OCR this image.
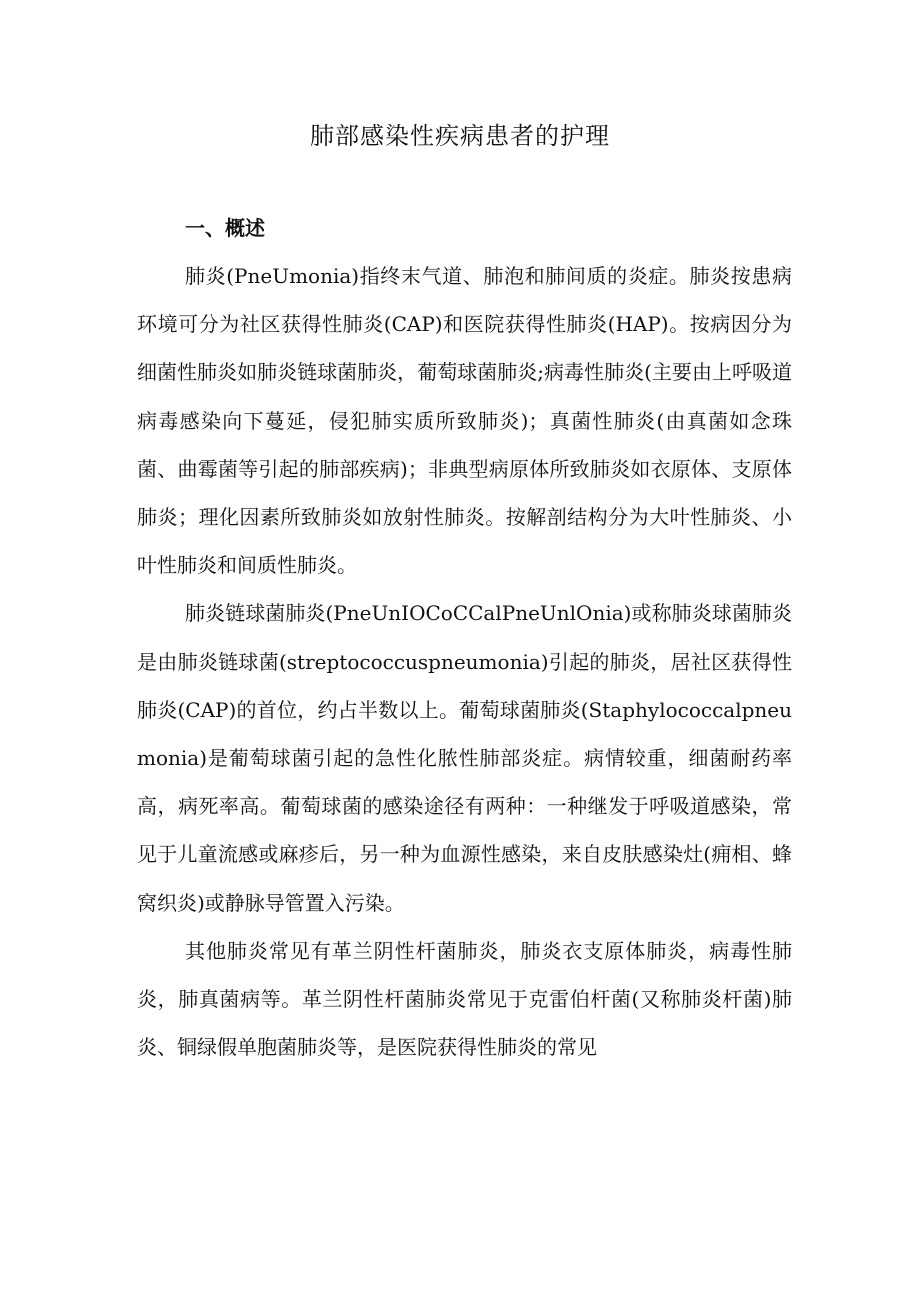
肺部感染性疾病患者的护理
一、概述

肺炎(PneUmonia)指终末气道、肺泡和肺间质的炎症。肺炎按患病环境可分为社区获得性肺炎(CAP)和医院获得性肺炎(HAP)。按病因分为细菌性肺炎如肺炎链球菌肺炎，葡萄球菌肺炎;病毒性肺炎(主要由上呼吸道病毒感染向下蔓延，侵犯肺实质所致肺炎)；真菌性肺炎(由真菌如念珠菌、曲霉菌等引起的肺部疾病)；非典型病原体所致肺炎如衣原体、支原体肺炎；理化因素所致肺炎如放射性肺炎。按解剖结构分为大叶性肺炎、小叶性肺炎和间质性肺炎。

肺炎链球菌肺炎(PneUnIOCoCCalPneUnlOnia)或称肺炎球菌肺炎是由肺炎链球菌(streptococcuspneumonia)引起的肺炎，居社区获得性肺炎(CAP)的首位，约占半数以上。葡萄球菌肺炎(Staphylococcalpneumonia)是葡萄球菌引起的急性化脓性肺部炎症。病情较重，细菌耐药率高，病死率高。葡萄球菌的感染途径有两种：一种继发于呼吸道感染，常见于儿童流感或麻疹后，另一种为血源性感染，来自皮肤感染灶(痈相、蜂窝织炎)或静脉导管置入污染。

其他肺炎常见有革兰阴性杆菌肺炎，肺炎衣支原体肺炎，病毒性肺炎，肺真菌病等。革兰阴性杆菌肺炎常见于克雷伯杆菌(又称肺炎杆菌)肺炎、铜绿假单胞菌肺炎等，是医院获得性肺炎的常见
